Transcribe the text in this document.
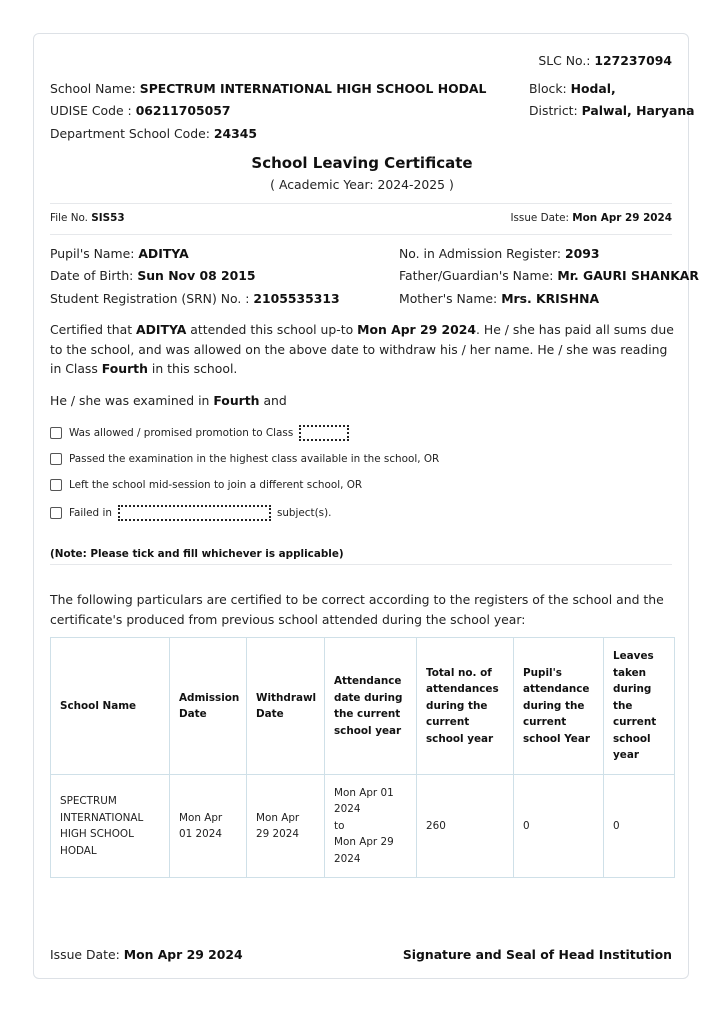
SLC No.: 127237094
School Name: SPECTRUM INTERNATIONAL HIGH SCHOOL HODAL
UDISE Code : 06211705057
Department School Code: 24345
Block: Hodal,
District: Palwal, Haryana
School Leaving Certificate
( Academic Year: 2024-2025 )
File No. SIS53	Issue Date: Mon Apr 29 2024
Pupil's Name: ADITYA
Date of Birth: Sun Nov 08 2015
Student Registration (SRN) No. : 2105535313
No. in Admission Register: 2093
Father/Guardian's Name: Mr. GAURI SHANKAR
Mother's Name: Mrs. KRISHNA
Certified that ADITYA attended this school up-to Mon Apr 29 2024. He / she has paid all sums due to the school, and was allowed on the above date to withdraw his / her name. He / she was reading in Class Fourth in this school.
He / she was examined in Fourth and
Was allowed / promised promotion to Class
Passed the examination in the highest class available in the school, OR
Left the school mid-session to join a different school, OR
Failed in	subject(s).
(Note: Please tick and fill whichever is applicable)
The following particulars are certified to be correct according to the registers of the school and the certificate's produced from previous school attended during the school year:
School Name	Admission Date	Withdrawl Date	Attendance date during the current school year	Total no. of attendances during the current school year	Pupil's attendance during the current school Year	Leaves taken during the current school year
SPECTRUM INTERNATIONAL HIGH SCHOOL HODAL	Mon Apr 01 2024	Mon Apr 29 2024	Mon Apr 01 2024
to
Mon Apr 29 2024	260	0	0
Issue Date: Mon Apr 29 2024	Signature and Seal of Head Institution
